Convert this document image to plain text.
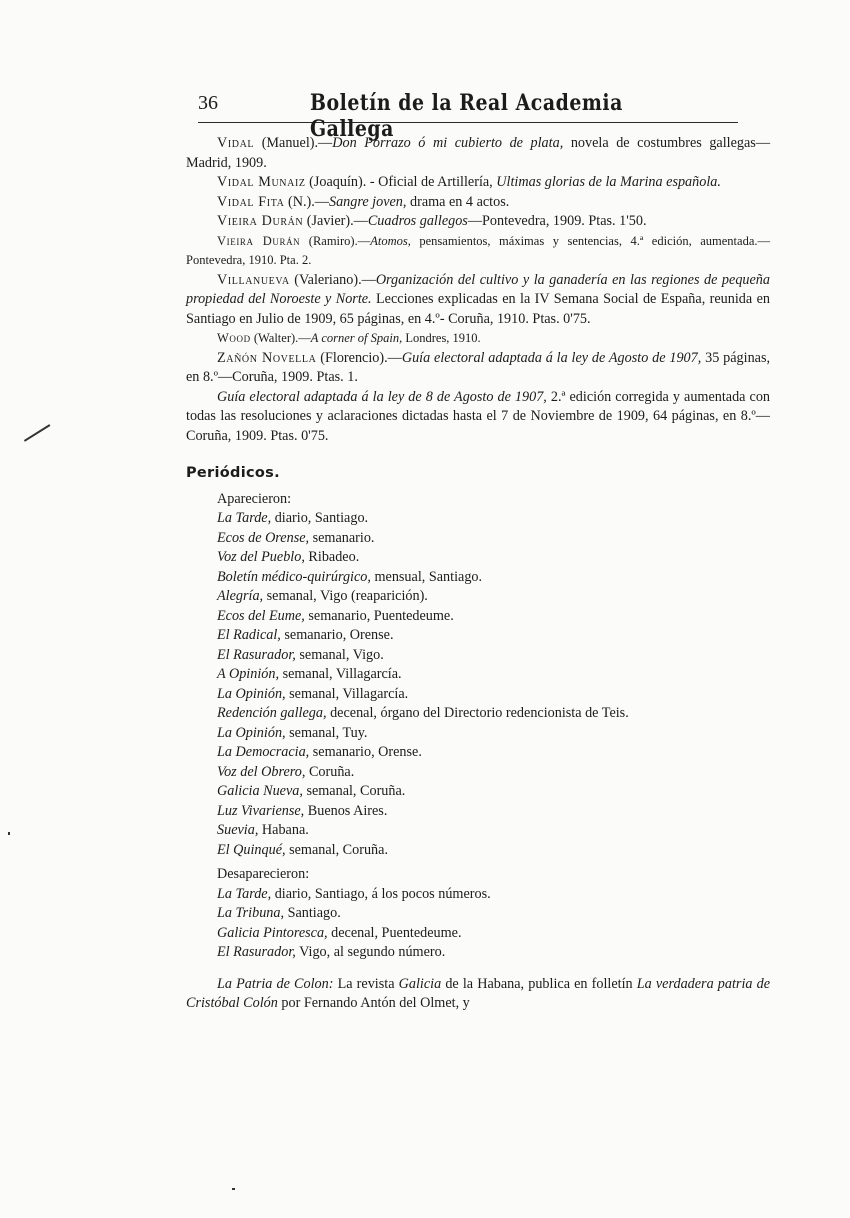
36	Boletín de la Real Academia Gallega

Vidal (Manuel).—Don Porrazo ó mi cubierto de plata, novela de costumbres gallegas—Madrid, 1909.

Vidal Munaiz (Joaquín). - Oficial de Artillería, Ultimas glorias de la Marina española.

Vidal Fita (N.).—Sangre joven, drama en 4 actos.

Vieira Durán (Javier).—Cuadros gallegos—Pontevedra, 1909. Ptas. 1'50.

Vieira Durán (Ramiro).—Atomos, pensamientos, máximas y sentencias, 4.ª edición, aumentada.—Pontevedra, 1910. Pta. 2.

Villanueva (Valeriano).—Organización del cultivo y la ganadería en las regiones de pequeña propiedad del Noroeste y Norte. Lecciones explicadas en la IV Semana Social de España, reunida en Santiago en Julio de 1909, 65 páginas, en 4.º- Coruña, 1910. Ptas. 0'75.

Wood (Walter).—A corner of Spain, Londres, 1910.

Zañón Novella (Florencio).—Guía electoral adaptada á la ley de Agosto de 1907, 35 páginas, en 8.º—Coruña, 1909. Ptas. 1.

Guía electoral adaptada á la ley de 8 de Agosto de 1907, 2.ª edición corregida y aumentada con todas las resoluciones y aclaraciones dictadas hasta el 7 de Noviembre de 1909, 64 páginas, en 8.º—Coruña, 1909. Ptas. 0'75.

Periódicos.

Aparecieron:

La Tarde, diario, Santiago.

Ecos de Orense, semanario.

Voz del Pueblo, Ribadeo.

Boletín médico-quirúrgico, mensual, Santiago.

Alegría, semanal, Vigo (reaparición).

Ecos del Eume, semanario, Puentedeume.

El Radical, semanario, Orense.

El Rasurador, semanal, Vigo.

A Opinión, semanal, Villagarcía.

La Opinión, semanal, Villagarcía.

Redención gallega, decenal, órgano del Directorio redencionista de Teis.

La Opinión, semanal, Tuy.

La Democracia, semanario, Orense.

Voz del Obrero, Coruña.

Galicia Nueva, semanal, Coruña.

Luz Vivariense, Buenos Aires.

Suevia, Habana.

El Quinqué, semanal, Coruña.

Desaparecieron:

La Tarde, diario, Santiago, á los pocos números.

La Tribuna, Santiago.

Galicia Pintoresca, decenal, Puentedeume.

El Rasurador, Vigo, al segundo número.

La Patria de Colon: La revista Galicia de la Habana, publica en folletín La verdadera patria de Cristóbal Colón por Fernando Antón del Olmet, y
